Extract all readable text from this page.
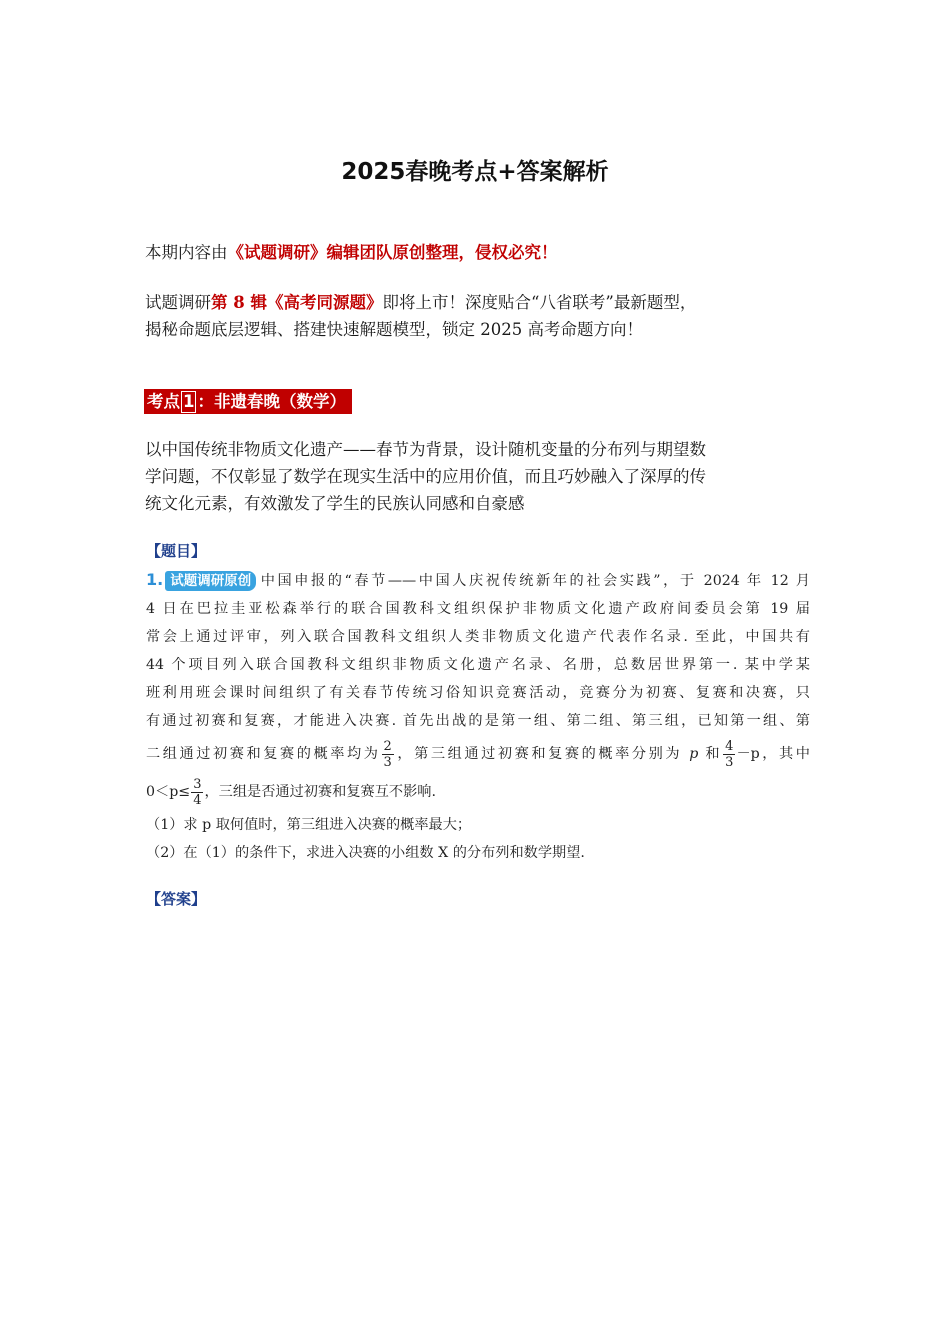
2025春晚考点+答案解析
本期内容由《试题调研》编辑团队原创整理，侵权必究！
试题调研第 8 辑《高考同源题》即将上市！深度贴合“八省联考”最新题型，
揭秘命题底层逻辑、搭建快速解题模型，锁定 2025 高考命题方向！
考点 1 ：非遗春晚（数学）
以中国传统非物质文化遗产——春节为背景，设计随机变量的分布列与期望数
学问题，不仅彰显了数学在现实生活中的应用价值，而且巧妙融入了深厚的传
统文化元素，有效激发了学生的民族认同感和自豪感
【题目】
1. 试题调研原创 中国申报的“春节——中国人庆祝传统新年的社会实践”，于 2024 年 12 月
4 日在巴拉圭亚松森举行的联合国教科文组织保护非物质文化遗产政府间委员会第 19 届
常会上通过评审，列入联合国教科文组织人类非物质文化遗产代表作名录. 至此，中国共有
44 个项目列入联合国教科文组织非物质文化遗产名录、名册，总数居世界第一. 某中学某
班利用班会课时间组织了有关春节传统习俗知识竞赛活动，竞赛分为初赛、复赛和决赛，只
有通过初赛和复赛，才能进入决赛. 首先出战的是第一组、第二组、第三组，已知第一组、第
二组通过初赛和复赛的概率均为 $\frac{2}{3}$ ，第三组通过初赛和复赛的概率分别为 p 和 $\frac{4}{3} -p$，其中
$0<p\le \frac{3}{4}$ ，三组是否通过初赛和复赛互不影响.
（1）求 p 取何值时，第三组进入决赛的概率最大；
（2）在（1）的条件下，求进入决赛的小组数 X 的分布列和数学期望.
【答案】
